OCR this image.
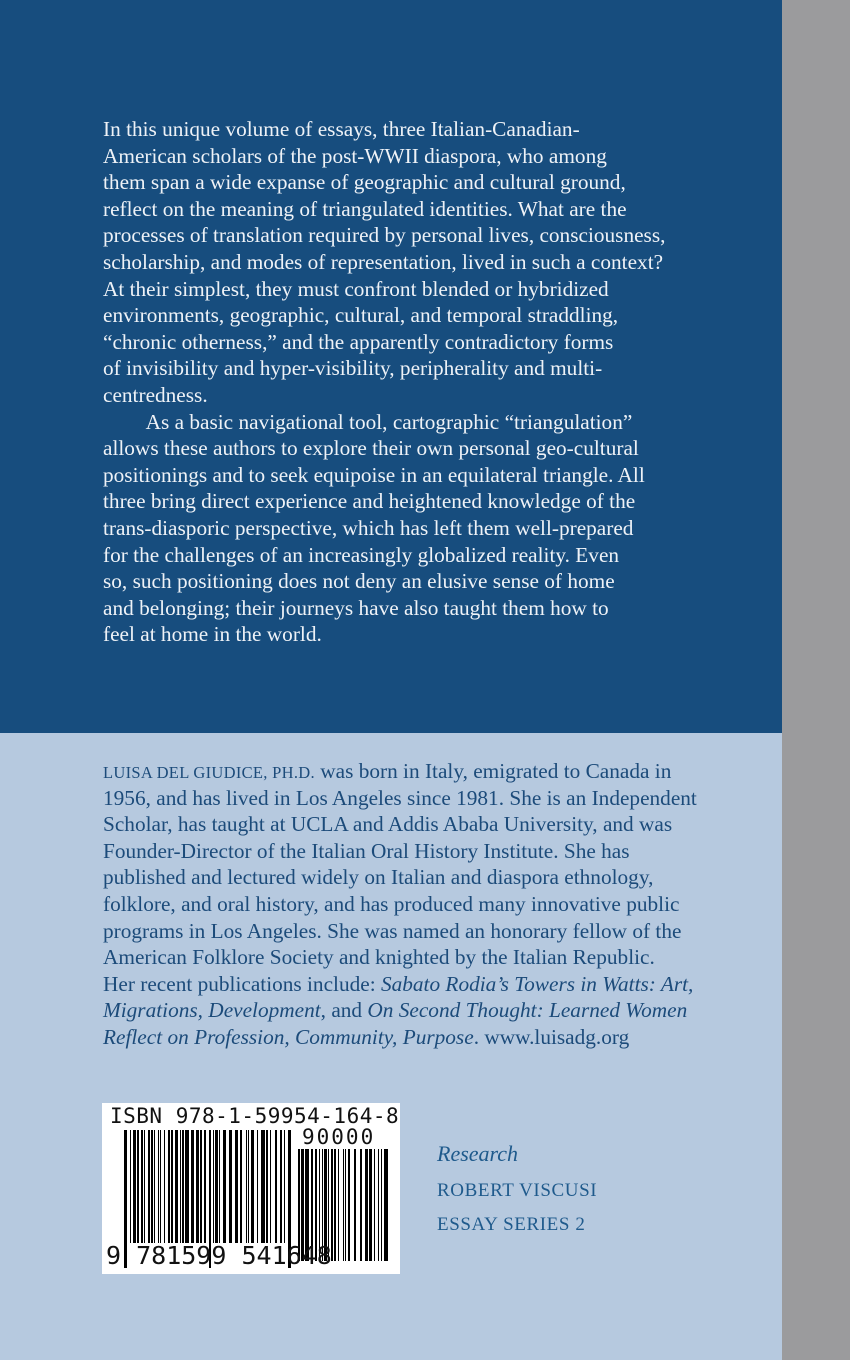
In this unique volume of essays, three Italian-Canadian-
American scholars of the post-WWII diaspora, who among
them span a wide expanse of geographic and cultural ground,
reflect on the meaning of triangulated identities. What are the
processes of translation required by personal lives, consciousness,
scholarship, and modes of representation, lived in such a context?
At their simplest, they must confront blended or hybridized
environments, geographic, cultural, and temporal straddling,
“chronic otherness,” and the apparently contradictory forms
of invisibility and hyper-visibility, peripherality and multi-
centredness.
  As a basic navigational tool, cartographic “triangulation”
allows these authors to explore their own personal geo-cultural
positionings and to seek equipoise in an equilateral triangle. All
three bring direct experience and heightened knowledge of the
trans-diasporic perspective, which has left them well-prepared
for the challenges of an increasingly globalized reality. Even
so, such positioning does not deny an elusive sense of home
and belonging; their journeys have also taught them how to
feel at home in the world.
LUISA DEL GIUDICE, PH.D. was born in Italy, emigrated to Canada in
1956, and has lived in Los Angeles since 1981. She is an Independent
Scholar, has taught at UCLA and Addis Ababa University, and was
Founder-Director of the Italian Oral History Institute. She has
published and lectured widely on Italian and diaspora ethnology,
folklore, and oral history, and has produced many innovative public
programs in Los Angeles. She was named an honorary fellow of the
American Folklore Society and knighted by the Italian Republic.
Her recent publications include: Sabato Rodia’s Towers in Watts: Art,
Migrations, Development, and On Second Thought: Learned Women
Reflect on Profession, Community, Purpose. www.luisadg.org
ISBN 978-1-59954-164-8
90000
9 781599 541648
Research
ROBERT VISCUSI
ESSAY SERIES 2
